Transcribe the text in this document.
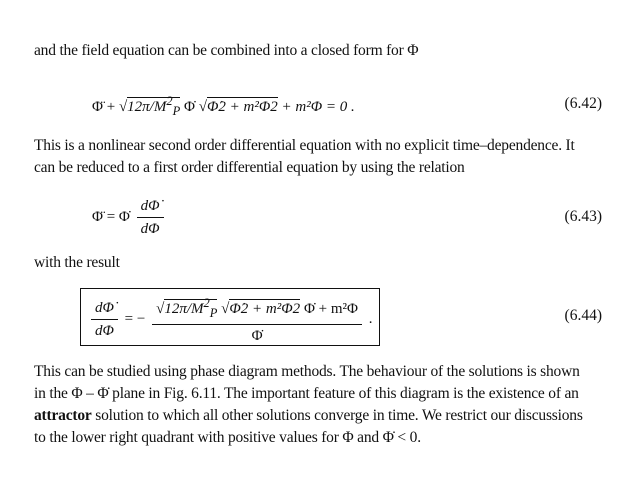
and the field equation can be combined into a closed form for Φ
Φ̈ + $√12\pi/M^2_P$ Φ̇ √Φ̇2 + m²Φ2 + m²Φ = 0 .	(6.42)
This is a nonlinear second order differential equation with no explicit time–dependence. It
can be reduced to a first order differential equation by using the relation
Φ̈ = Φ̇ $\frac{d\Phi̇}{d\Phi}$	(6.43)
with the result
$\frac{d\Phi̇}{d\Phi}$ = − $\frac{√12\pi/M^2_P √\Phi̇2 + m^2\Phi 2 \Phi̇ + m^2\Phi}{\Phi̇}$ .	(6.44)
This can be studied using phase diagram methods. The behaviour of the solutions is shown
in the Φ – Φ̇ plane in Fig. 6.11. The important feature of this diagram is the existence of an
attractor solution to which all other solutions converge in time. We restrict our discussions
to the lower right quadrant with positive values for Φ and Φ̇ < 0.
